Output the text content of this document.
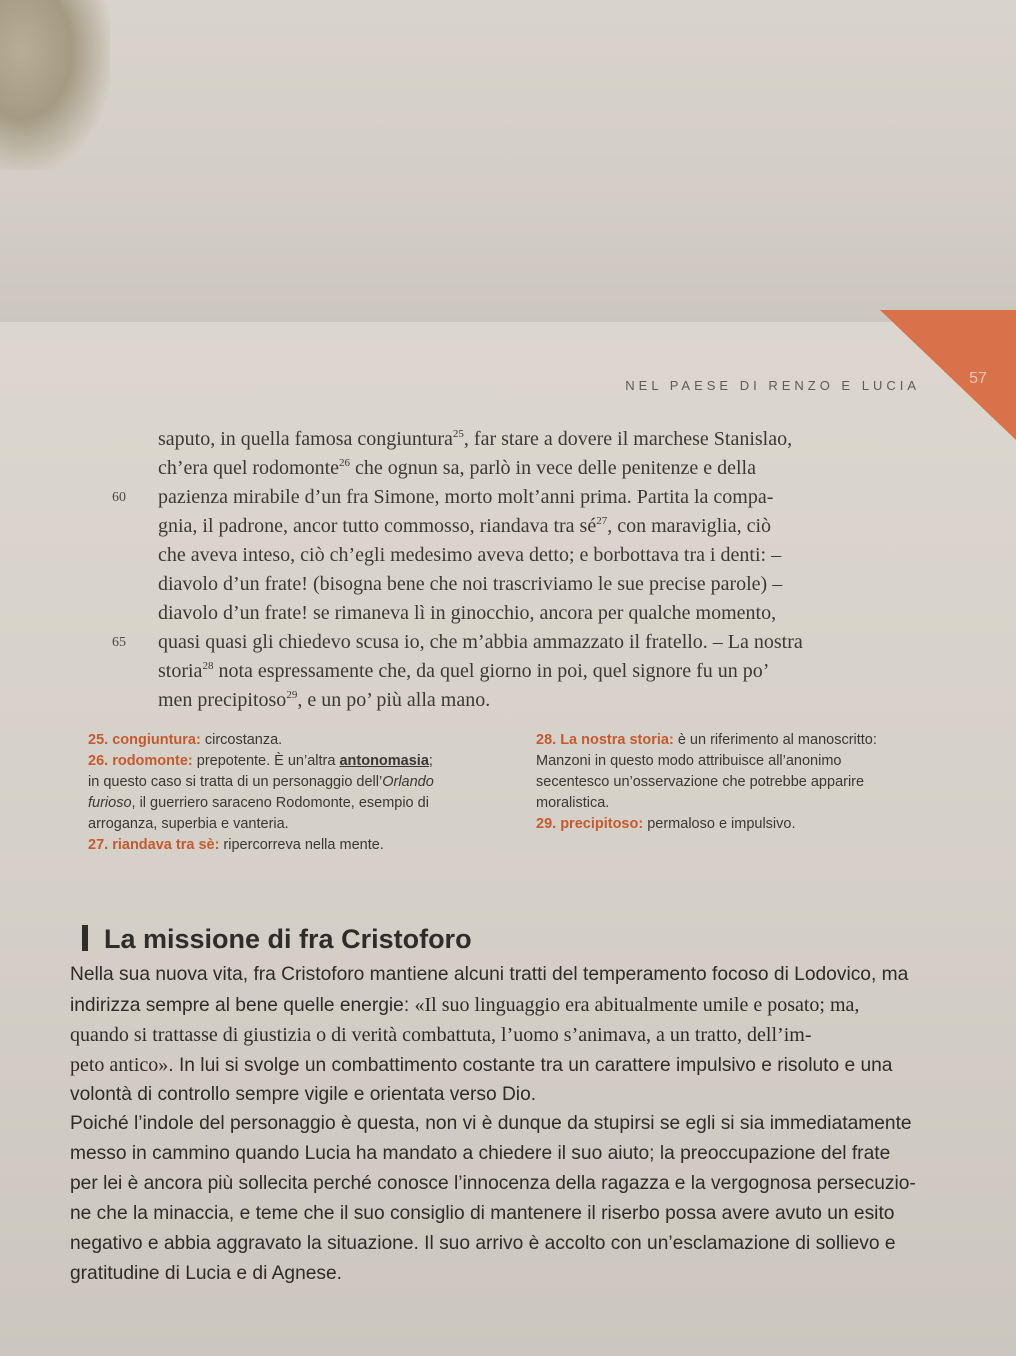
57
NEL PAESE DI RENZO E LUCIA
saputo, in quella famosa congiuntura$^{25}$, far stare a dovere il marchese Stanislao,
ch’era quel rodomonte$^{26}$ che ognun sa, parlò in vece delle penitenze e della
60 pazienza mirabile d’un fra Simone, morto molt’anni prima. Partita la compa-
gnia, il padrone, ancor tutto commosso, riandava tra $sé^{27}$, con maraviglia, ciò
che aveva inteso, ciò ch’egli medesimo aveva detto; e borbottava tra i denti: –
diavolo d’un frate! (bisogna bene che noi trascriviamo le sue precise parole) –
diavolo d’un frate! se rimaneva lì in ginocchio, ancora per qualche momento,
65 quasi quasi gli chiedevo scusa io, che m’abbia ammazzato il fratello. – La nostra
storia$^{28}$ nota espressamente che, da quel giorno in poi, quel signore fu un po’
men precipitoso$^{29}$, e un po’ più alla mano.
25. congiuntura: circostanza.
26. rodomonte: prepotente. È un’altra antonomasia;
in questo caso si tratta di un personaggio dell’Orlando
furioso, il guerriero saraceno Rodomonte, esempio di
arroganza, superbia e vanteria.
27. riandava tra sè: ripercorreva nella mente.
28. La nostra storia: è un riferimento al manoscritto:
Manzoni in questo modo attribuisce all’anonimo
secentesco un’osservazione che potrebbe apparire
moralistica.
29. precipitoso: permaloso e impulsivo.
La missione di fra Cristoforo
Nella sua nuova vita, fra Cristoforo mantiene alcuni tratti del temperamento focoso di Lodovico, ma
indirizza sempre al bene quelle energie: «Il suo linguaggio era abitualmente umile e posato; ma,
quando si trattasse di giustizia o di verità combattuta, l’uomo s’animava, a un tratto, dell’im-
peto antico». In lui si svolge un combattimento costante tra un carattere impulsivo e risoluto e una
volontà di controllo sempre vigile e orientata verso Dio.
Poiché l’indole del personaggio è questa, non vi è dunque da stupirsi se egli si sia immediatamente
messo in cammino quando Lucia ha mandato a chiedere il suo aiuto; la preoccupazione del frate
per lei è ancora più sollecita perché conosce l’innocenza della ragazza e la vergognosa persecuzio-
ne che la minaccia, e teme che il suo consiglio di mantenere il riserbo possa avere avuto un esito
negativo e abbia aggravato la situazione. Il suo arrivo è accolto con un’esclamazione di sollievo e
gratitudine di Lucia e di Agnese.
